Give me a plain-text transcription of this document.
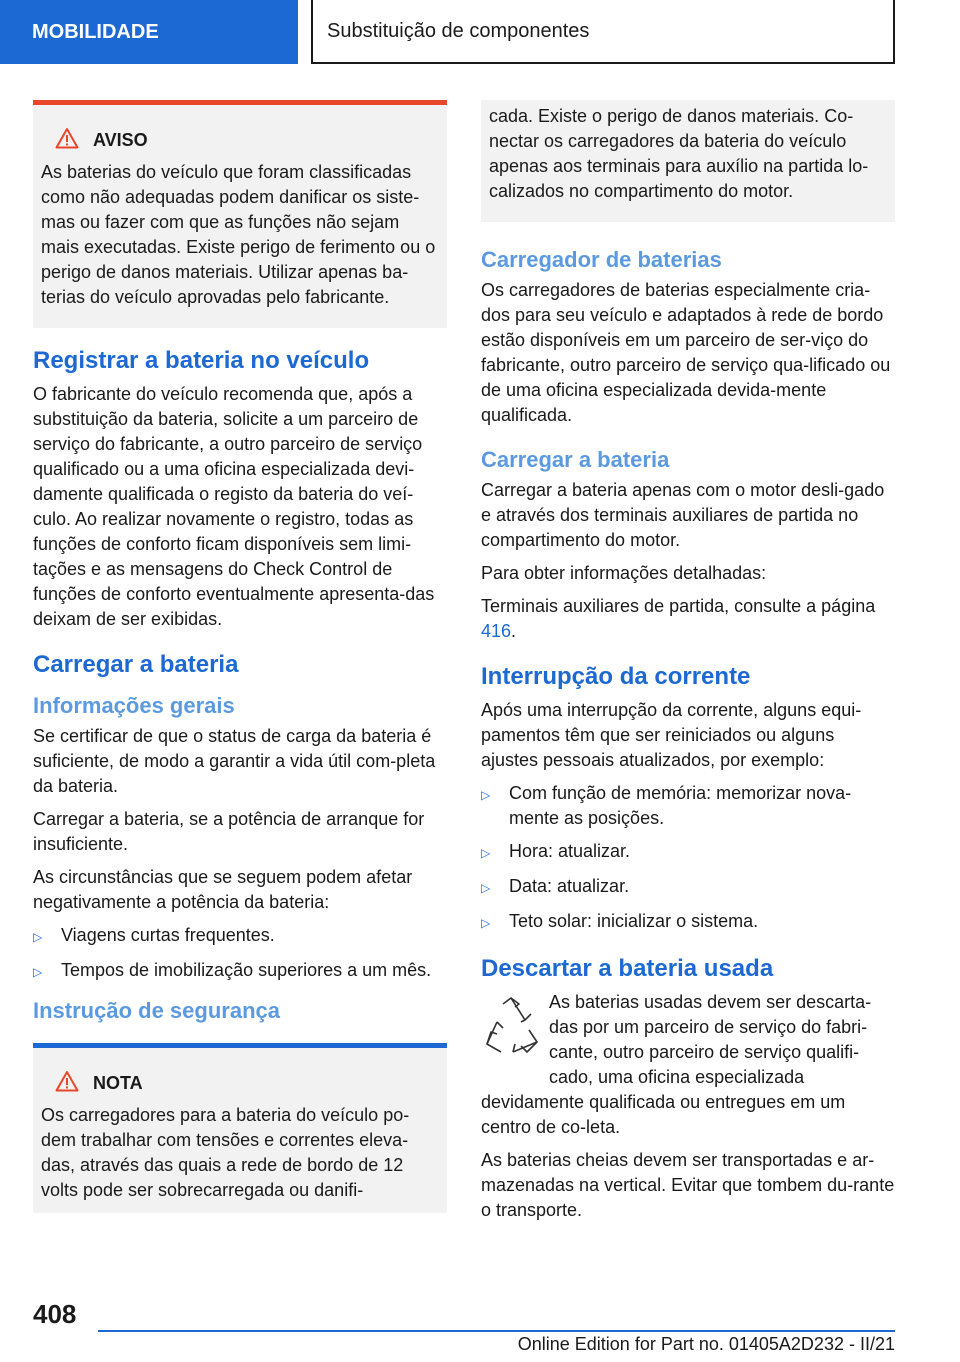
MOBILIDADE	Substituição de componentes
AVISO

As baterias do veículo que foram classificadas como não adequadas podem danificar os siste-mas ou fazer com que as funções não sejam mais executadas. Existe perigo de ferimento ou o perigo de danos materiais. Utilizar apenas ba-terias do veículo aprovadas pelo fabricante.

Registrar a bateria no veículo

O fabricante do veículo recomenda que, após a substituição da bateria, solicite a um parceiro de serviço do fabricante, a outro parceiro de serviço qualificado ou a uma oficina especializada devi-damente qualificada o registo da bateria do veí-culo. Ao realizar novamente o registro, todas as funções de conforto ficam disponíveis sem limi-tações e as mensagens do Check Control de funções de conforto eventualmente apresenta-das deixam de ser exibidas.

Carregar a bateria
Informações gerais

Se certificar de que o status de carga da bateria é suficiente, de modo a garantir a vida útil com-pleta da bateria.

Carregar a bateria, se a potência de arranque for insuficiente.

As circunstâncias que se seguem podem afetar negativamente a potência da bateria:

▷	Viagens curtas frequentes.
▷	Tempos de imobilização superiores a um mês.
Instrução de segurança
NOTA

Os carregadores para a bateria do veículo po-dem trabalhar com tensões e correntes eleva-das, através das quais a rede de bordo de 12 volts pode ser sobrecarregada ou danifi-

cada. Existe o perigo de danos materiais. Co-nectar os carregadores da bateria do veículo apenas aos terminais para auxílio na partida lo-calizados no compartimento do motor.

Carregador de baterias

Os carregadores de baterias especialmente cria-dos para seu veículo e adaptados à rede de bordo estão disponíveis em um parceiro de ser-viço do fabricante, outro parceiro de serviço qua-lificado ou de uma oficina especializada devida-mente qualificada.

Carregar a bateria

Carregar a bateria apenas com o motor desli-gado e através dos terminais auxiliares de partida no compartimento do motor.

Para obter informações detalhadas:

Terminais auxiliares de partida, consulte a página 416.

Interrupção da corrente

Após uma interrupção da corrente, alguns equi-pamentos têm que ser reiniciados ou alguns ajustes pessoais atualizados, por exemplo:

▷	Com função de memória: memorizar nova-mente as posições.
▷	Hora: atualizar.
▷	Data: atualizar.
▷	Teto solar: inicializar o sistema.
Descartar a bateria usada

As baterias usadas devem ser descarta-das por um parceiro de serviço do fabri-cante, outro parceiro de serviço qualifi-cado, uma oficina especializada devidamente qualificada ou entregues em um centro de co-leta.

As baterias cheias devem ser transportadas e ar-mazenadas na vertical. Evitar que tombem du-rante o transporte.

408
Online Edition for Part no. 01405A2D232 - II/21
